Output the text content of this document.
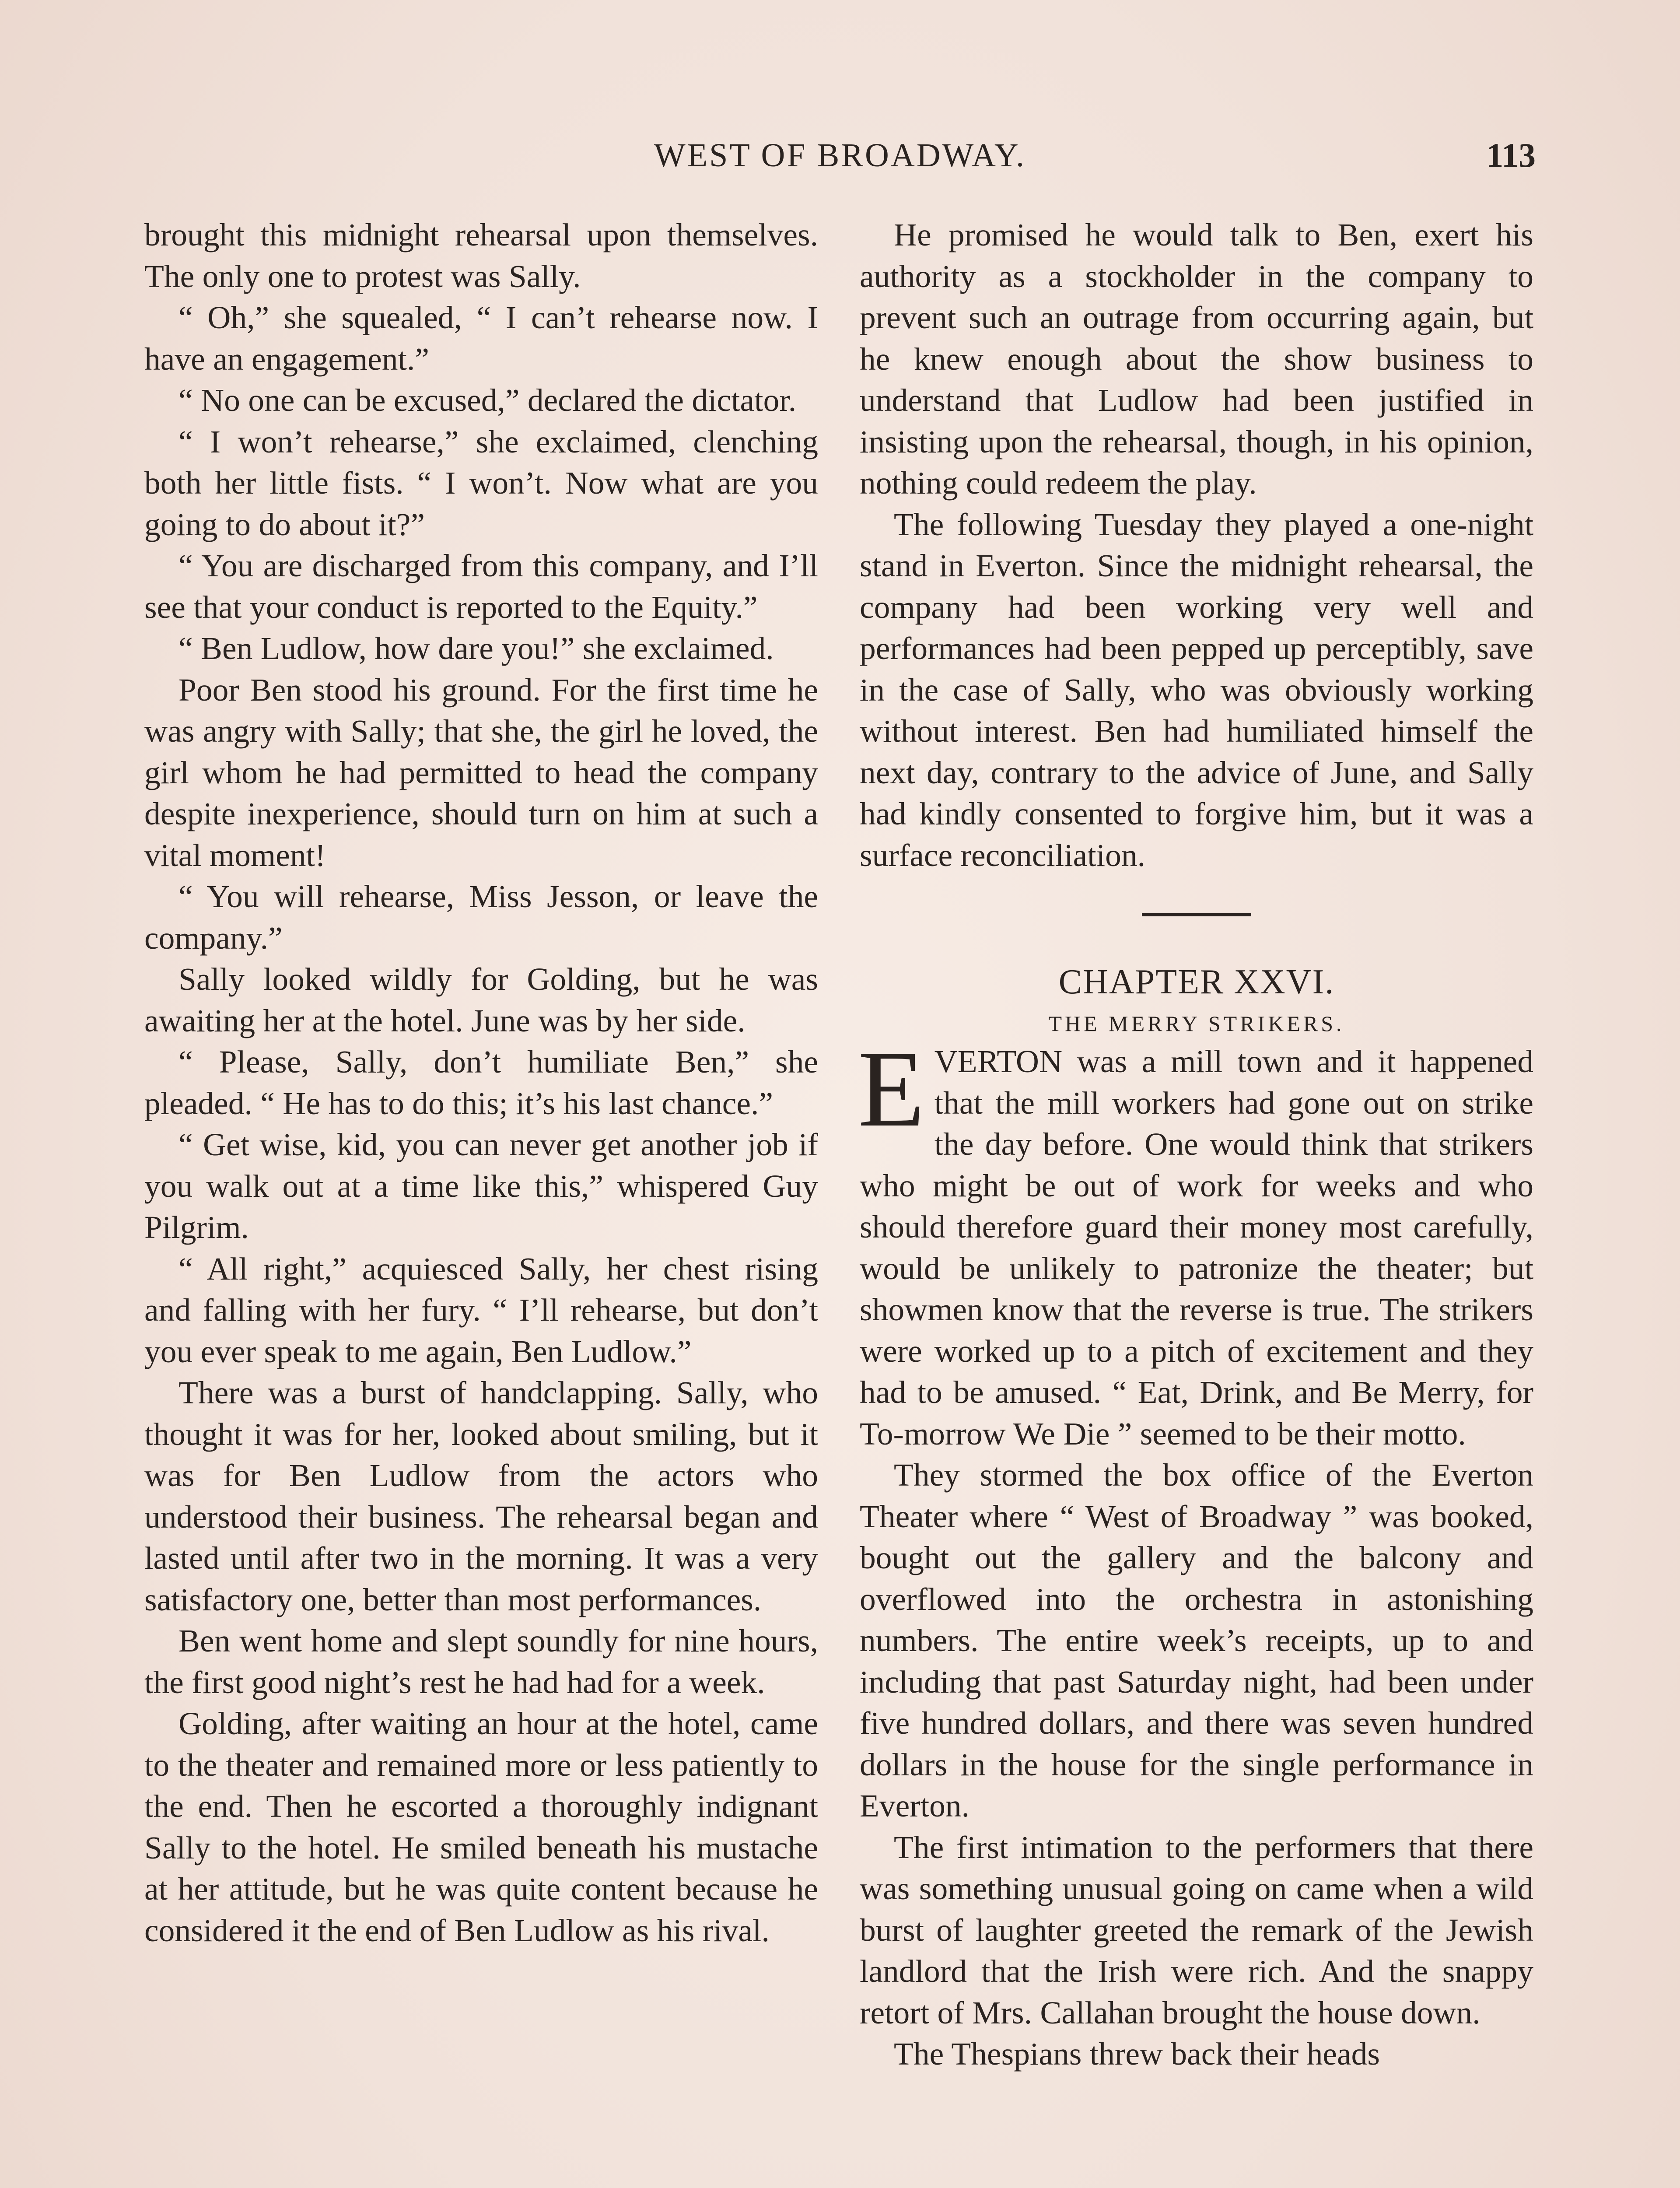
WEST OF BROADWAY.	113

brought this midnight rehearsal upon themselves. The only one to protest was Sally.

“ Oh,” she squealed, “ I can’t rehearse now. I have an engagement.”

“ No one can be excused,” declared the dictator.

“ I won’t rehearse,” she exclaimed, clenching both her little fists. “ I won’t. Now what are you going to do about it?”

“ You are discharged from this company, and I’ll see that your conduct is reported to the Equity.”

“ Ben Ludlow, how dare you!” she exclaimed.

Poor Ben stood his ground. For the first time he was angry with Sally; that she, the girl he loved, the girl whom he had permitted to head the company despite inexperience, should turn on him at such a vital moment!

“ You will rehearse, Miss Jesson, or leave the company.”

Sally looked wildly for Golding, but he was awaiting her at the hotel. June was by her side.

“ Please, Sally, don’t humiliate Ben,” she pleaded. “ He has to do this; it’s his last chance.”

“ Get wise, kid, you can never get another job if you walk out at a time like this,” whispered Guy Pilgrim.

“ All right,” acquiesced Sally, her chest rising and falling with her fury. “ I’ll rehearse, but don’t you ever speak to me again, Ben Ludlow.”

There was a burst of handclapping. Sally, who thought it was for her, looked about smiling, but it was for Ben Ludlow from the actors who understood their business. The rehearsal began and lasted until after two in the morning. It was a very satisfactory one, better than most performances.

Ben went home and slept soundly for nine hours, the first good night’s rest he had had for a week.

Golding, after waiting an hour at the hotel, came to the theater and remained more or less patiently to the end. Then he escorted a thoroughly indignant Sally to the hotel. He smiled beneath his mustache at her attitude, but he was quite content because he considered it the end of Ben Ludlow as his rival.

He promised he would talk to Ben, exert his authority as a stockholder in the company to prevent such an outrage from occurring again, but he knew enough about the show business to understand that Ludlow had been justified in insisting upon the rehearsal, though, in his opinion, nothing could redeem the play.

The following Tuesday they played a one-night stand in Everton. Since the midnight rehearsal, the company had been working very well and performances had been pepped up perceptibly, save in the case of Sally, who was obviously working without interest. Ben had humiliated himself the next day, contrary to the advice of June, and Sally had kindly consented to forgive him, but it was a surface reconciliation.

CHAPTER XXVI.

THE MERRY STRIKERS.

EVERTON was a mill town and it happened that the mill workers had gone out on strike the day before. One would think that strikers who might be out of work for weeks and who should therefore guard their money most carefully, would be unlikely to patronize the theater; but showmen know that the reverse is true. The strikers were worked up to a pitch of excitement and they had to be amused. “ Eat, Drink, and Be Merry, for To-morrow We Die ” seemed to be their motto.

They stormed the box office of the Everton Theater where “ West of Broadway ” was booked, bought out the gallery and the balcony and overflowed into the orchestra in astonishing numbers. The entire week’s receipts, up to and including that past Saturday night, had been under five hundred dollars, and there was seven hundred dollars in the house for the single performance in Everton.

The first intimation to the performers that there was something unusual going on came when a wild burst of laughter greeted the remark of the Jewish landlord that the Irish were rich. And the snappy retort of Mrs. Callahan brought the house down.

The Thespians threw back their heads
